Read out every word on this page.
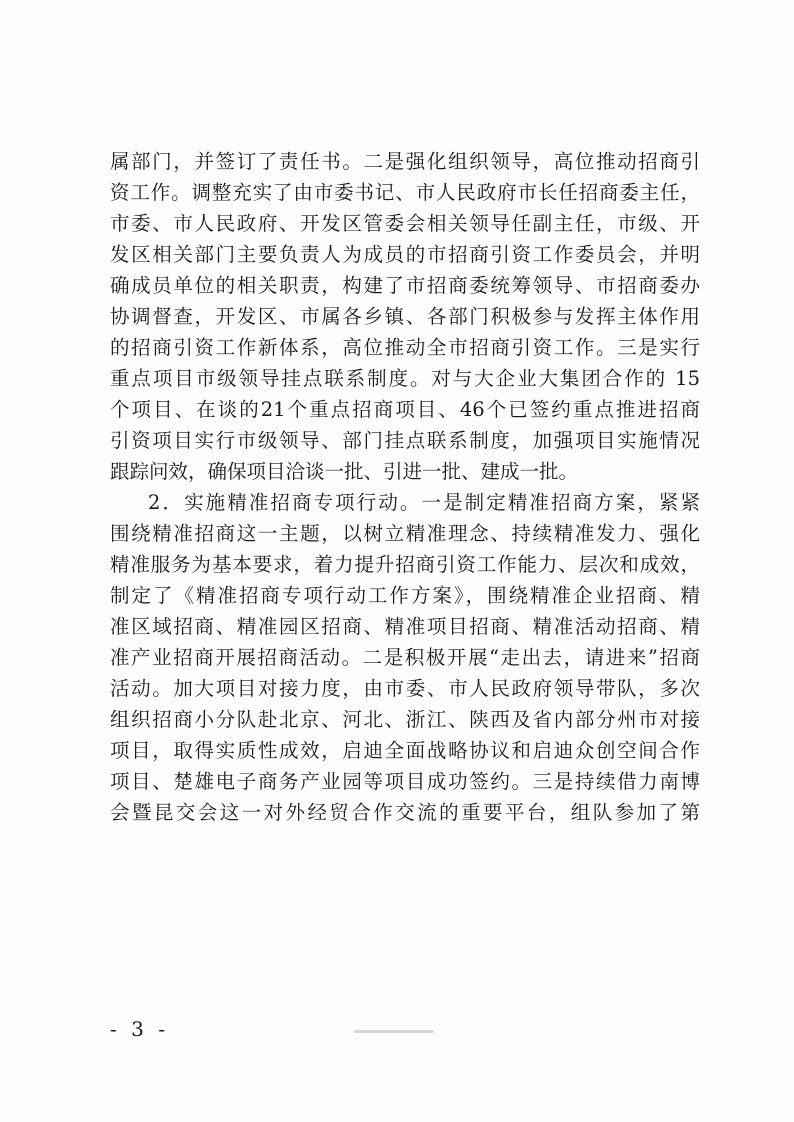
属部门，并签订了责任书。二是强化组织领导，高位推动招商引
资工作。调整充实了由市委书记、市人民政府市长任招商委主任，
市委、市人民政府、开发区管委会相关领导任副主任，市级、开
发区相关部门主要负责人为成员的市招商引资工作委员会，并明
确成员单位的相关职责，构建了市招商委统筹领导、市招商委办
协调督查，开发区、市属各乡镇、各部门积极参与发挥主体作用
的招商引资工作新体系，高位推动全市招商引资工作。三是实行
重点项目市级领导挂点联系制度。对与大企业大集团合作的 15
个项目、在谈的21个重点招商项目、46个已签约重点推进招商
引资项目实行市级领导、部门挂点联系制度，加强项目实施情况
跟踪问效，确保项目洽谈一批、引进一批、建成一批。
2．实施精准招商专项行动。一是制定精准招商方案，紧紧
围绕精准招商这一主题，以树立精准理念、持续精准发力、强化
精准服务为基本要求，着力提升招商引资工作能力、层次和成效，
制定了《精准招商专项行动工作方案》，围绕精准企业招商、精
准区域招商、精准园区招商、精准项目招商、精准活动招商、精
准产业招商开展招商活动。二是积极开展“走出去，请进来”招商
活动。加大项目对接力度，由市委、市人民政府领导带队，多次
组织招商小分队赴北京、河北、浙江、陕西及省内部分州市对接
项目，取得实质性成效，启迪全面战略协议和启迪众创空间合作
项目、楚雄电子商务产业园等项目成功签约。三是持续借力南博
会暨昆交会这一对外经贸合作交流的重要平台，组队参加了第
- 3 -
